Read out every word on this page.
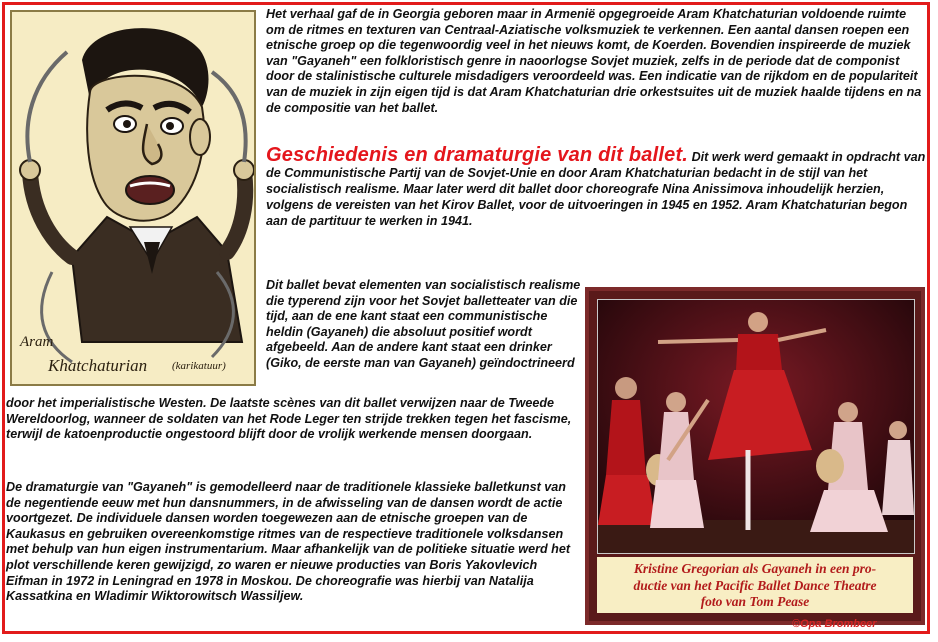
Aram
Khatchaturian (karikatuur)

Het verhaal gaf de in Georgia geboren maar in Armenië opgegroeide Aram Khatchaturian voldoende ruimte om de ritmes en texturen van Centraal-Aziatische volksmuziek te verkennen. Een aantal dansen roepen een etnische groep op die tegenwoordig veel in het nieuws komt, de Koerden. Bovendien inspireerde de muziek van "Gayaneh" een folkloristisch genre in naoorlogse Sovjet muziek, zelfs in de periode dat de componist door de stalinistische culturele misdadigers veroordeeld was. Een indicatie van de rijkdom en de populariteit van de muziek in zijn eigen tijd is dat Aram Khatchaturian drie orkestsuites uit de muziek haalde tijdens en na de compositie van het ballet.

Geschiedenis en dramaturgie van dit ballet. Dit werk werd gemaakt in opdracht van de Communistische Partij van de Sovjet-Unie en door Aram Khatchaturian bedacht in de stijl van het socialistisch realisme. Maar later werd dit ballet door choreografe Nina Anissimova inhoudelijk herzien, volgens de vereisten van het Kirov Ballet, voor de uitvoeringen in 1945 en 1952. Aram Khatchaturian begon aan de partituur te werken in 1941.

Dit ballet bevat elementen van socialistisch realisme die typerend zijn voor het Sovjet balletteater van die tijd, aan de ene kant staat een communistische heldin (Gayaneh) die absoluut positief wordt afgebeeld. Aan de andere kant staat een drinker (Giko, de eerste man van Gayaneh) geïndoctrineerd

door het imperialistische Westen. De laatste scènes van dit ballet verwijzen naar de Tweede Wereldoorlog, wanneer de soldaten van het Rode Leger ten strijde trekken tegen het fascisme, terwijl de katoenproductie ongestoord blijft door de vrolijk werkende mensen doorgaan.

De dramaturgie van "Gayaneh" is gemodelleerd naar de traditionele klassieke balletkunst van de negentiende eeuw met hun dansnummers, in de afwisseling van de dansen wordt de actie voortgezet. De individuele dansen worden toegewezen aan de etnische groepen van de Kaukasus en gebruiken overeenkomstige ritmes van de respectieve traditionele volksdansen met behulp van hun eigen instrumentarium. Maar afhankelijk van de politieke situatie werd het plot verschillende keren gewijzigd, zo waren er nieuwe producties van Boris Yakovlevich Eifman in 1972 in Leningrad en 1978 in Moskou. De choreografie was hierbij van Natalija Kassatkina en Wladimir Wiktorowitsch Wassiljew.

Kristine Gregorian als Gayaneh in een pro-
ductie van het Pacific Ballet Dance Theatre
foto van Tom Pease
©Opa Brombeer
